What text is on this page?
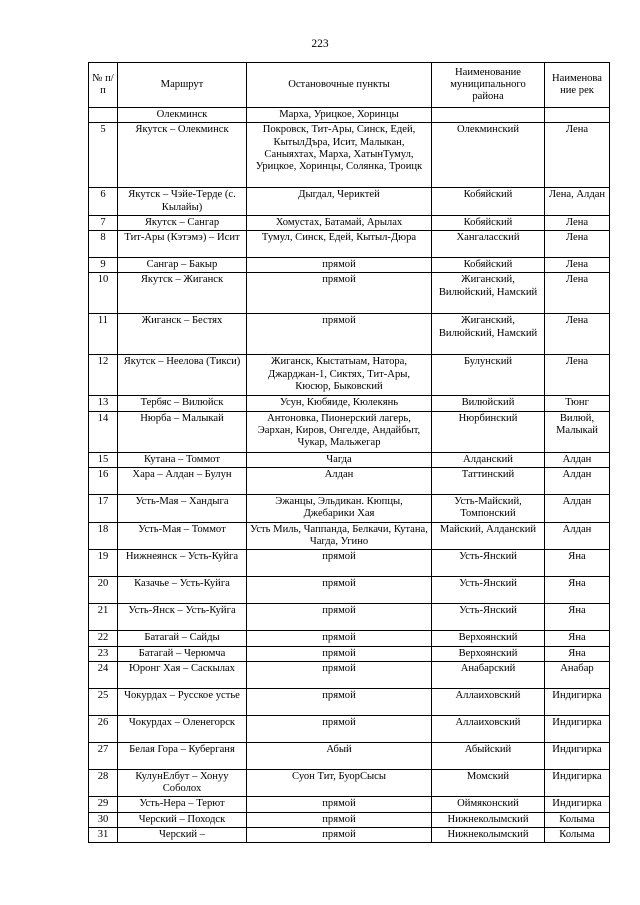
223
№ п/п	Маршрут	Остановочные пункты	Наименование муниципального района	Наименова ние рек
	Олекминск	Марха, Урицкое, Хоринцы		
5	Якутск – Олекминск	Покровск, Тит-Ары, Синск, Едей, КытылДъра, Исит, Малыкан, Саныяхтах, Марха, ХатынТумул, Урицкое, Хоринцы, Солянка, Троицк	Олекминский	Лена
6	Якутск – Чэйе-Терде (с. Кылайы)	Дыгдал, Чериктей	Кобяйский	Лена, Алдан
7	Якутск – Сангар	Хомустах, Батамай, Арылах	Кобяйский	Лена
8	Тит-Ары (Кэтэмэ) – Исит	Тумул, Синск, Едей, Кытыл-Дюра	Хангаласский	Лена
9	Сангар – Бакыр	прямой	Кобяйский	Лена
10	Якутск – Жиганск	прямой	Жиганский, Вилюйский, Намский	Лена
11	Жиганск – Бестях	прямой	Жиганский, Вилюйский, Намский	Лена
12	Якутск – Неелова (Тикси)	Жиганск, Кыстатыам, Натора, Джарджан-1, Сиктях, Тит-Ары, Кюсюр, Быковский	Булунский	Лена
13	Тербяс – Вилюйск	Усун, Кюбяиде, Кюлекянь	Вилюйский	Тюнг
14	Нюрба – Малыкай	Антоновка, Пионерский лагерь, Эархан, Киров, Онгелде, Андайбыт, Чукар, Мальжегар	Нюрбинский	Вилюй, Малыкай
15	Кутана – Томмот	Чагда	Алданский	Алдан
16	Хара – Алдан – Булун	Алдан	Таттинский	Алдан
17	Усть-Мая – Хандыга	Эжанцы, Эльдикан. Кюпцы, Джебарики Хая	Усть-Майский, Томпонский	Алдан
18	Усть-Мая – Томмот	Усть Миль, Чаппанда, Белкачи, Кутана, Чагда, Угино	Майский, Алданский	Алдан
19	Нижнеянск – Усть-Куйга	прямой	Усть-Янский	Яна
20	Казачье – Усть-Куйга	прямой	Усть-Янский	Яна
21	Усть-Янск – Усть-Куйга	прямой	Усть-Янский	Яна
22	Батагай – Сайды	прямой	Верхоянский	Яна
23	Батагай – Черюмча	прямой	Верхоянский	Яна
24	Юронг Хая – Саскылах	прямой	Анабарский	Анабар
25	Чокурдах – Русское устье	прямой	Аллаиховский	Индигирка
26	Чокурдах – Оленегорск	прямой	Аллаиховский	Индигирка
27	Белая Гора – Куберганя	Абый	Абыйский	Индигирка
28	КулунЕлбут – Хонуу Соболох	Суон Тит, БуорСысы	Момский	Индигирка
29	Усть-Нера – Терют	прямой	Оймяконский	Индигирка
30	Черский – Походск	прямой	Нижнеколымский	Колыма
31	Черский –	прямой	Нижнеколымский	Колыма
